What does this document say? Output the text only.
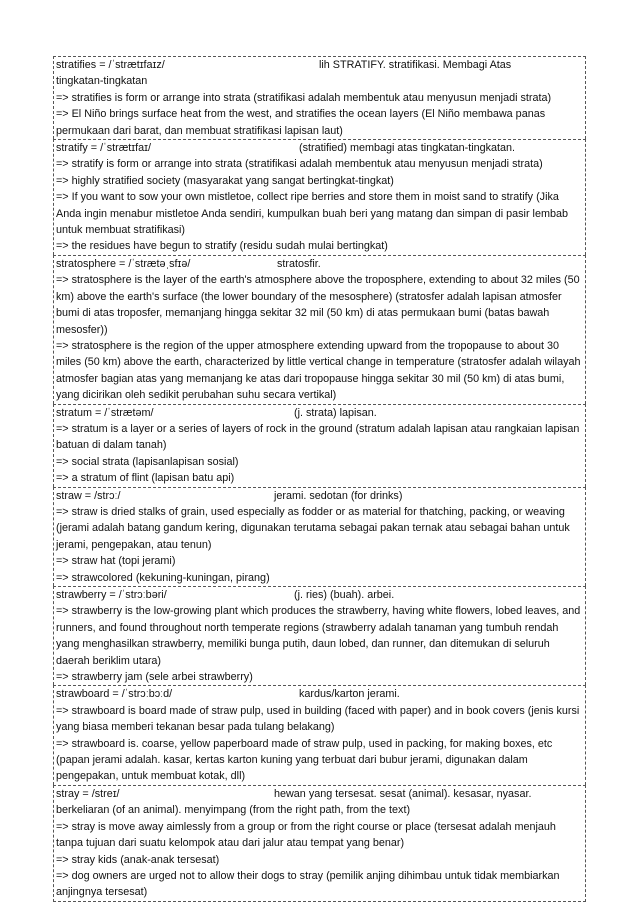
stratifies = /ˈstrætɪfaɪz/	lih STRATIFY. stratifikasi. Membagi Atas
tingkatan-tingkatan
=> stratifies is form or arrange into strata (stratifikasi adalah membentuk atau menyusun menjadi strata)
=> El Niño brings surface heat from the west, and stratifies the ocean layers (El Niño membawa panas permukaan dari barat, dan membuat stratifikasi lapisan laut)
stratify = /ˈstrætɪfaɪ/	(stratified) membagi atas tingkatan-tingkatan.
=> stratify is form or arrange into strata (stratifikasi adalah membentuk atau menyusun menjadi strata)
=> highly stratified society (masyarakat yang sangat bertingkat-tingkat)
=> If you want to sow your own mistletoe, collect ripe berries and store them in moist sand to stratify (Jika Anda ingin menabur mistletoe Anda sendiri, kumpulkan buah beri yang matang dan simpan di pasir lembab untuk membuat stratifikasi)
=> the residues have begun to stratify (residu sudah mulai bertingkat)
stratosphere = /ˈstrætəˌsfɪə/	stratosfir.
=> stratosphere is the layer of the earth's atmosphere above the troposphere, extending to about 32 miles (50 km) above the earth's surface (the lower boundary of the mesosphere) (stratosfer adalah lapisan atmosfer bumi di atas troposfer, memanjang hingga sekitar 32 mil (50 km) di atas permukaan bumi (batas bawah mesosfer))
=> stratosphere is the region of the upper atmosphere extending upward from the tropopause to about 30 miles (50 km) above the earth, characterized by little vertical change in temperature (stratosfer adalah wilayah atmosfer bagian atas yang memanjang ke atas dari tropopause hingga sekitar 30 mil (50 km) di atas bumi, yang dicirikan oleh sedikit perubahan suhu secara vertikal)
stratum = /ˈstrætəm/	(j. strata) lapisan.
=> stratum is a layer or a series of layers of rock in the ground (stratum adalah lapisan atau rangkaian lapisan batuan di dalam tanah)
=> social strata (lapisanlapisan sosial)
=> a stratum of flint (lapisan batu api)
straw = /strɔː/	jerami. sedotan (for drinks)
=> straw is dried stalks of grain, used especially as fodder or as material for thatching, packing, or weaving (jerami adalah batang gandum kering, digunakan terutama sebagai pakan ternak atau sebagai bahan untuk jerami, pengepakan, atau tenun)
=> straw hat (topi jerami)
=> strawcolored (kekuning-kuningan, pirang)
strawberry = /ˈstrɔːbəri/	(j. ries) (buah). arbei.
=> strawberry is the low-growing plant which produces the strawberry, having white flowers, lobed leaves, and runners, and found throughout north temperate regions (strawberry adalah tanaman yang tumbuh rendah yang menghasilkan strawberry, memiliki bunga putih, daun lobed, dan runner, dan ditemukan di seluruh daerah beriklim utara)
=> strawberry jam (sele arbei strawberry)
strawboard = /ˈstrɔːbɔːd/	kardus/karton jerami.
=> strawboard is board made of straw pulp, used in building (faced with paper) and in book covers (jenis kursi yang biasa memberi tekanan besar pada tulang belakang)
=> strawboard is. coarse, yellow paperboard made of straw pulp, used in packing, for making boxes, etc (papan jerami adalah. kasar, kertas karton kuning yang terbuat dari bubur jerami, digunakan dalam pengepakan, untuk membuat kotak, dll)
stray = /streɪ/	hewan yang tersesat. sesat (animal). kesasar, nyasar.
berkeliaran (of an animal). menyimpang (from the right path, from the text)
=> stray is move away aimlessly from a group or from the right course or place (tersesat adalah menjauh tanpa tujuan dari suatu kelompok atau dari jalur atau tempat yang benar)
=> stray kids (anak-anak tersesat)
=> dog owners are urged not to allow their dogs to stray (pemilik anjing dihimbau untuk tidak membiarkan anjingnya tersesat)
